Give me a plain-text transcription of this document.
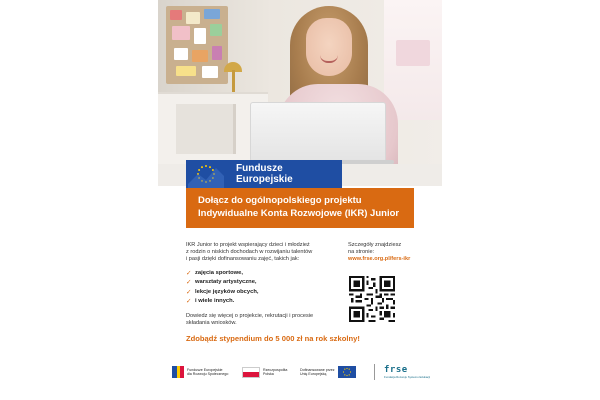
Fundusze Europejskie
Dołącz do ogólnopolskiego projektu
Indywidualne Konta Rozwojowe (IKR) Junior
IKR Junior to projekt wspierający dzieci i młodzież
z rodzin o niskich dochodach w rozwijaniu talentów
i pasji dzięki dofinansowaniu zajęć, takich jak:
✓ zajęcia sportowe,
✓ warsztaty artystyczne,
✓ lekcje języków obcych,
✓ i wiele innych.
Dowiedz się więcej o projekcie, rekrutacji i procesie
składania wniosków.
Szczegóły znajdziesz
na stronie:
www.frse.org.pl/fers-ikr
Zdobądź stypendium do 5 000 zł na rok szkolny!
Fundusze Europejskie
dla Rozwoju Społecznego
Rzeczpospolita
Polska
Dofinansowane przez
Unię Europejską	frse
Fundacja Rozwoju Systemu Edukacji
